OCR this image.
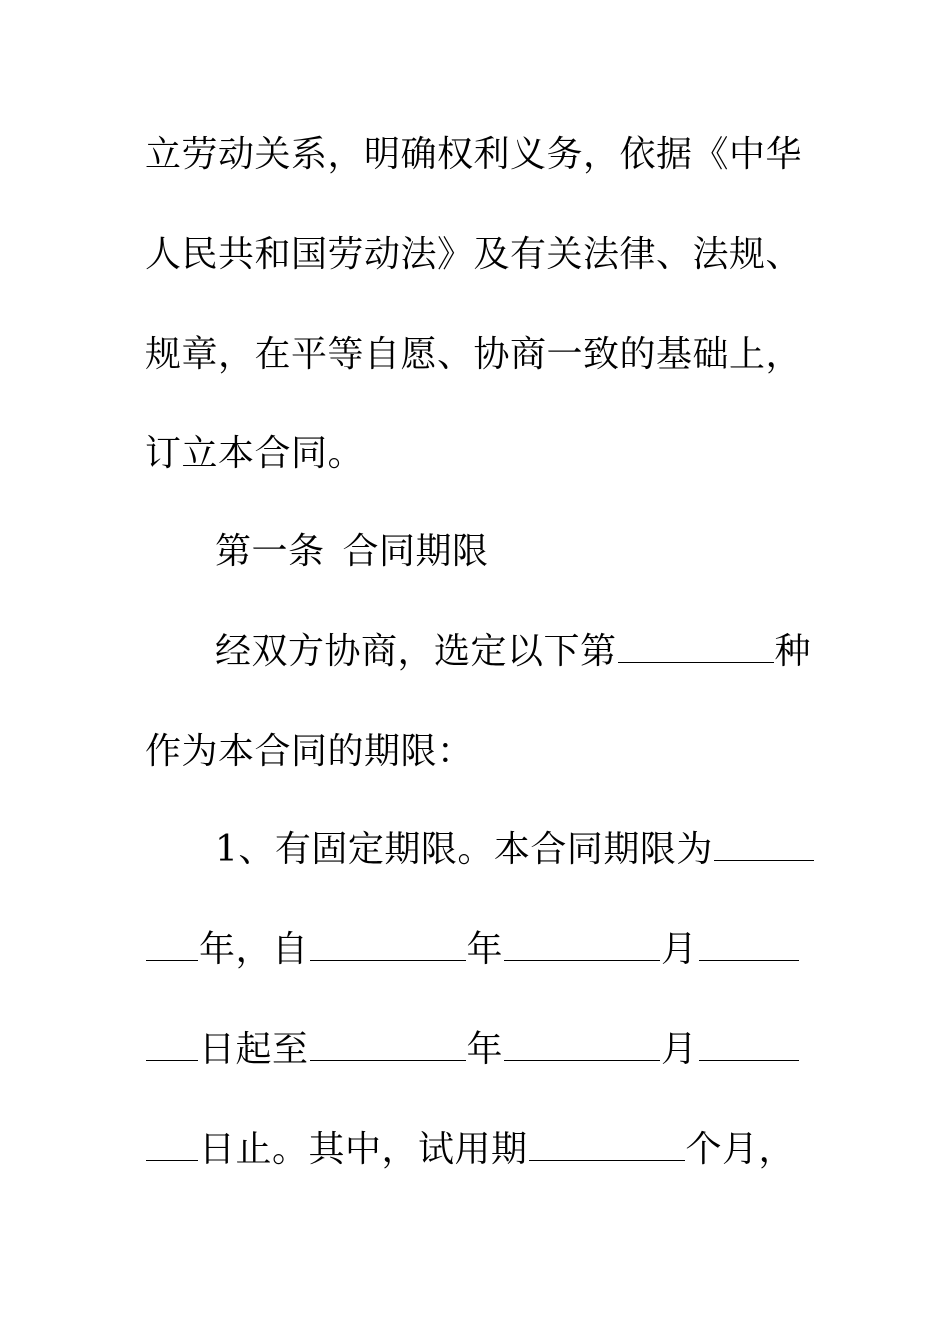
立劳动关系，明确权利义务，依据《中华
人民共和国劳动法》及有关法律、法规、
规章，在平等自愿、协商一致的基础上，
订立本合同。
第一条 合同期限
经双方协商，选定以下第	种
作为本合同的期限：
1、有固定期限。本合同期限为
年，自	年	月
日起至	年	月
日止。其中，试用期	个月，
